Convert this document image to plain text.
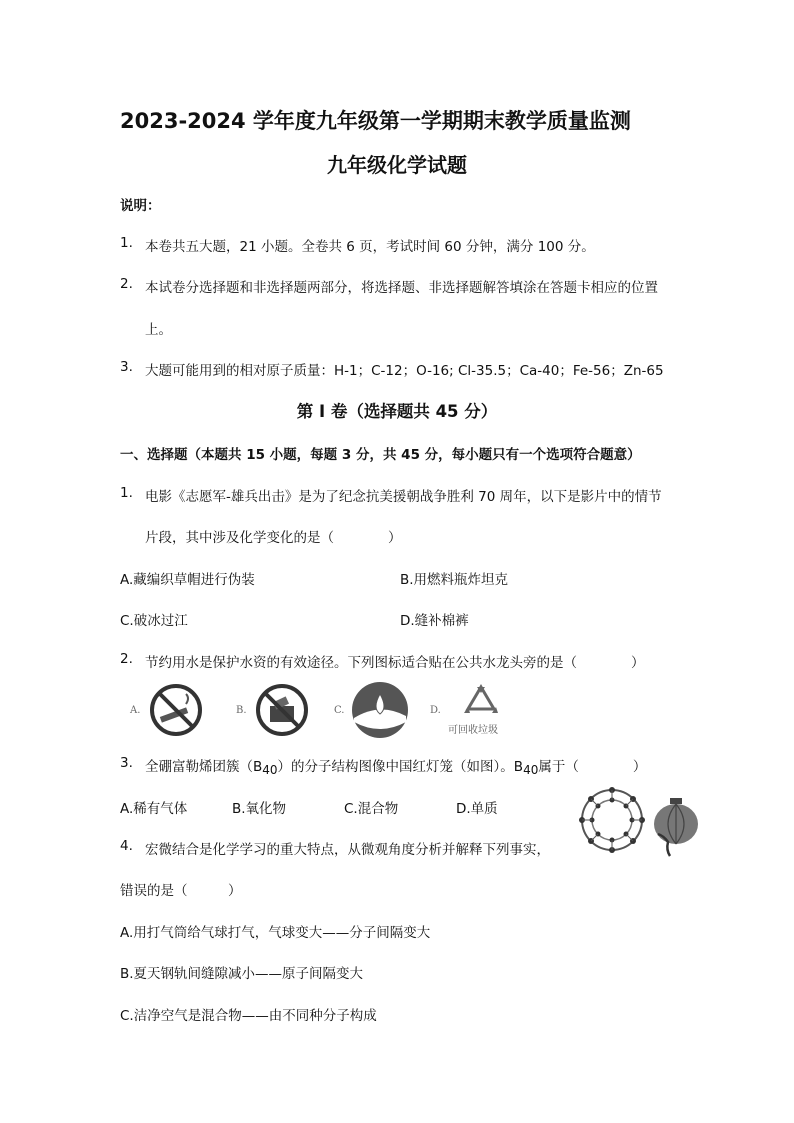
2023-2024 学年度九年级第一学期期末教学质量监测
九年级化学试题
说明：
1. 本卷共五大题，21 小题。全卷共 6 页，考试时间 60 分钟，满分 100 分。
2. 本试卷分选择题和非选择题两部分，将选择题、非选择题解答填涂在答题卡相应的位置
上。
3. 大题可能用到的相对原子质量：H-1；C-12；O-16; Cl-35.5；Ca-40；Fe-56；Zn-65
第 I 卷（选择题共 45 分）
一、选择题（本题共 15 小题，每题 3 分，共 45 分，每小题只有一个选项符合题意）
1. 电影《志愿军-雄兵出击》是为了纪念抗美援朝战争胜利 70 周年，以下是影片中的情节
片段，其中涉及化学变化的是（　　　　）
A.藏编织草帽进行伪装	B.用燃料瓶炸坦克
C.破冰过江	D.缝补棉裤
2. 节约用水是保护水资的有效途径。下列图标适合贴在公共水龙头旁的是（　　　　）
A.	B.	C.	D.
可回收垃圾
3. 全硼富勒烯团簇（B40）的分子结构图像中国红灯笼（如图）。B40属于（　　　　）
A.稀有气体	B.氧化物	C.混合物	D.单质
4. 宏微结合是化学学习的重大特点，从微观角度分析并解释下列事实，
错误的是（　　　）
A.用打气筒给气球打气，气球变大——分子间隔变大
B.夏天钢轨间缝隙减小——原子间隔变大
C.洁净空气是混合物——由不同种分子构成
